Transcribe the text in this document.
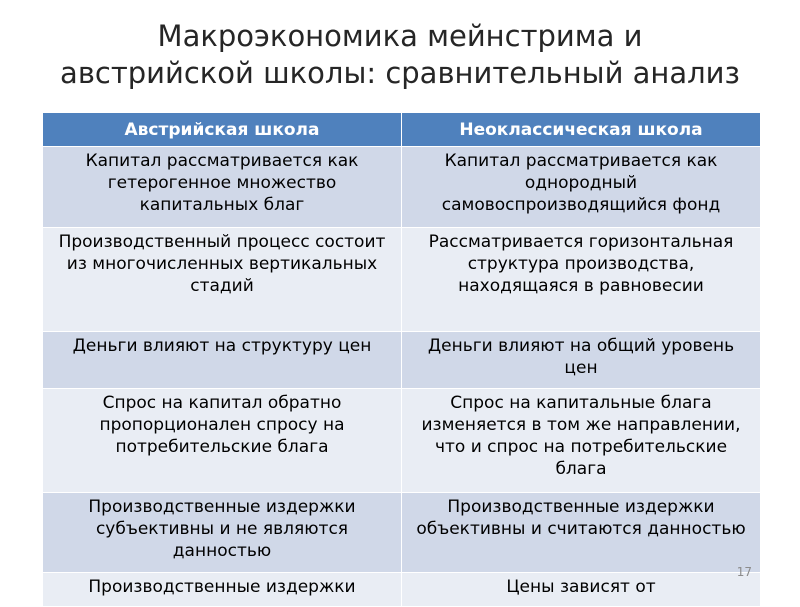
Макроэкономика мейнстрима и австрийской школы: сравнительный анализ
Австрийская школа	Неоклассическая школа
Капитал рассматривается как гетерогенное множество капитальных благ	Капитал рассматривается как однородный самовоспроизводящийся фонд
Производственный процесс состоит из многочисленных вертикальных стадий	Рассматривается горизонтальная структура производства, находящаяся в равновесии
Деньги влияют на структуру цен	Деньги влияют на общий уровень цен
Спрос на капитал обратно пропорционален спросу на потребительские блага	Спрос на капитальные блага изменяется в том же направлении, что и спрос на потребительские блага
Производственные издержки субъективны и не являются данностью	Производственные издержки объективны и считаются данностью
Производственные издержки	Цены зависят от
17
